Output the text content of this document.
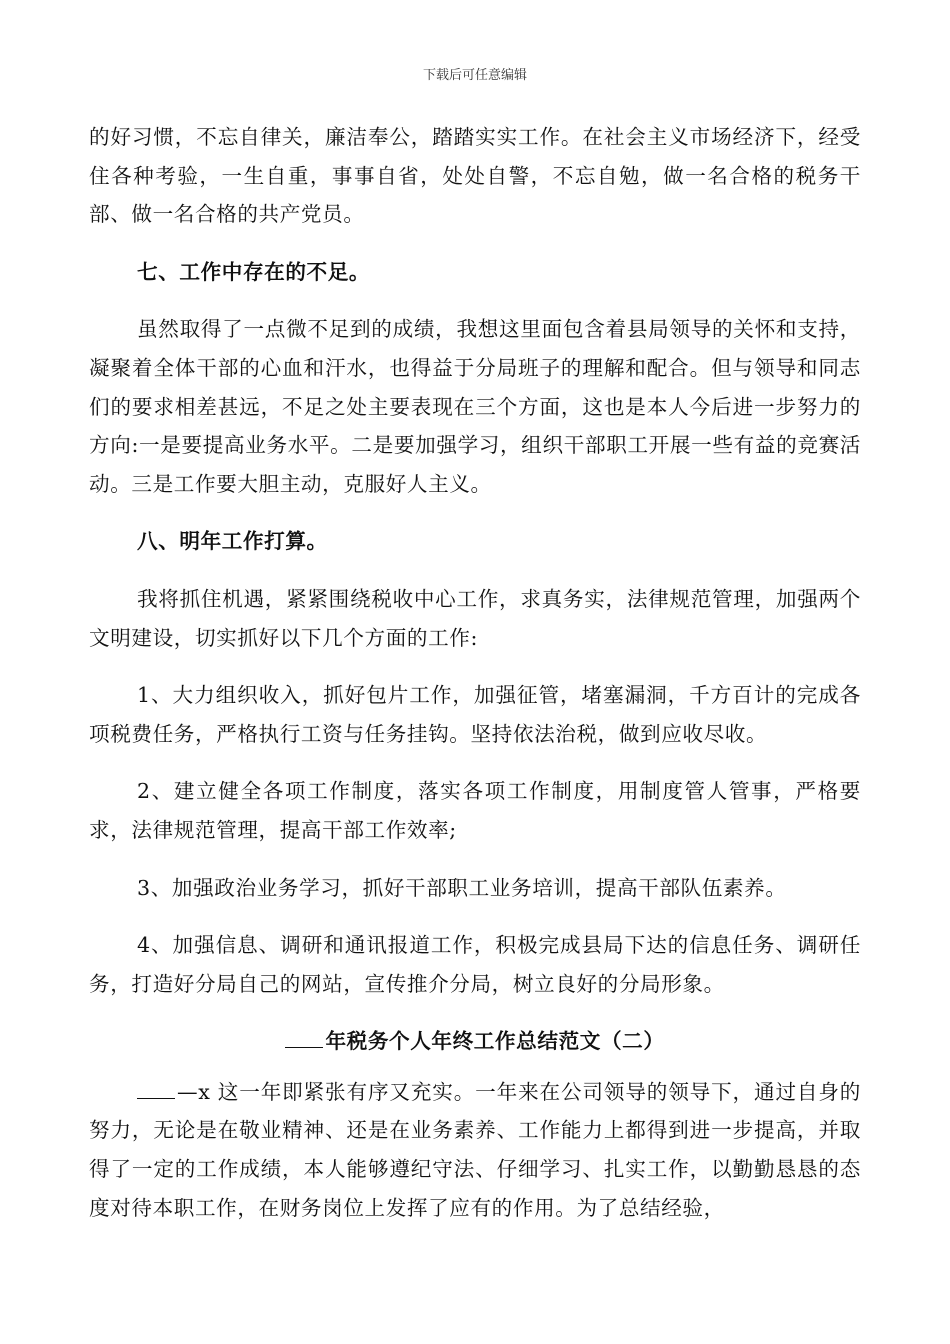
下载后可任意编辑

的好习惯，不忘自律关，廉洁奉公，踏踏实实工作。在社会主义市场经济下，经受住各种考验，一生自重，事事自省，处处自警，不忘自勉，做一名合格的税务干部、做一名合格的共产党员。

七、工作中存在的不足。

虽然取得了一点微不足到的成绩，我想这里面包含着县局领导的关怀和支持，凝聚着全体干部的心血和汗水，也得益于分局班子的理解和配合。但与领导和同志们的要求相差甚远，不足之处主要表现在三个方面，这也是本人今后进一步努力的方向:一是要提高业务水平。二是要加强学习，组织干部职工开展一些有益的竞赛活动。三是工作要大胆主动，克服好人主义。

八、明年工作打算。

我将抓住机遇，紧紧围绕税收中心工作，求真务实，法律规范管理，加强两个文明建设，切实抓好以下几个方面的工作:

1、大力组织收入，抓好包片工作，加强征管，堵塞漏洞，千方百计的完成各项税费任务，严格执行工资与任务挂钩。坚持依法治税，做到应收尽收。

2、建立健全各项工作制度，落实各项工作制度，用制度管人管事，严格要求，法律规范管理，提高干部工作效率;

3、加强政治业务学习，抓好干部职工业务培训，提高干部队伍素养。

4、加强信息、调研和通讯报道工作，积极完成县局下达的信息任务、调研任务，打造好分局自己的网站，宣传推介分局，树立良好的分局形象。

年税务个人年终工作总结范文（二）

—x 这一年即紧张有序又充实。一年来在公司领导的领导下，通过自身的努力，无论是在敬业精神、还是在业务素养、工作能力上都得到进一步提高，并取得了一定的工作成绩，本人能够遵纪守法、仔细学习、扎实工作，以勤勤恳恳的态度对待本职工作，在财务岗位上发挥了应有的作用。为了总结经验，
